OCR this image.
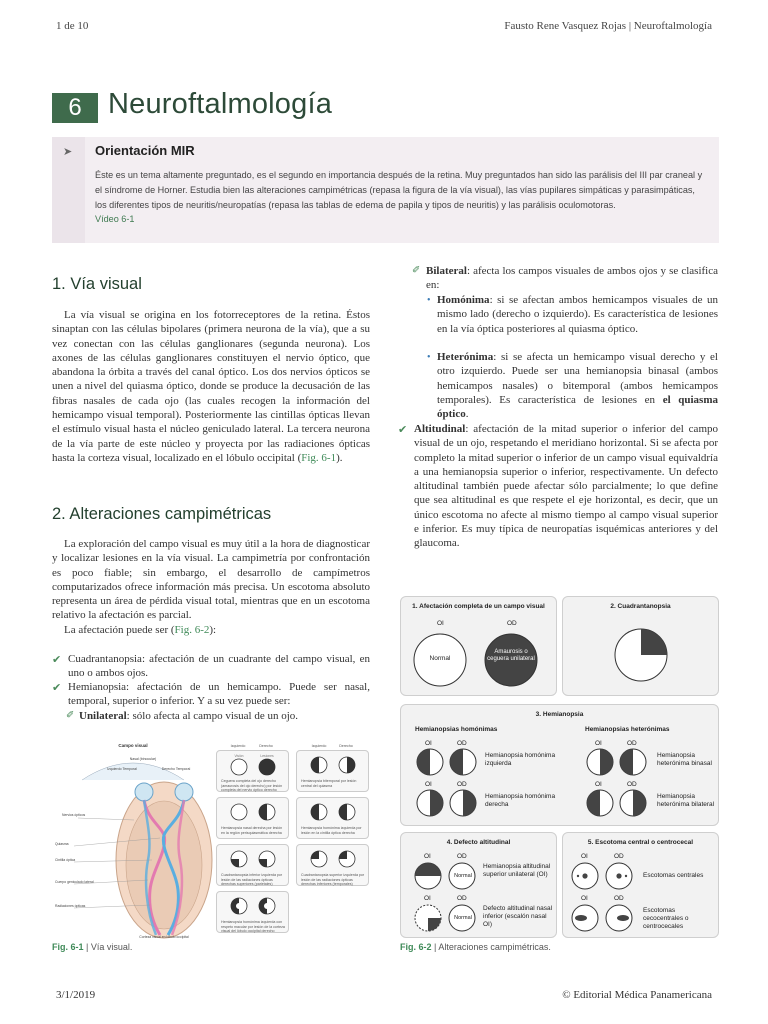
1 de 10	Fausto Rene Vasquez Rojas | Neuroftalmología
6 Neuroftalmología
➤ Orientación MIR
Éste es un tema altamente preguntado, es el segundo en importancia después de la retina. Muy preguntados han sido las parálisis del III par craneal y el síndrome de Horner. Estudia bien las alteraciones campimétricas (repasa la figura de la vía visual), las vías pupilares simpáticas y parasimpáticas, los diferentes tipos de neuritis/neuropatías (repasa las tablas de edema de papila y tipos de neuritis) y las parálisis oculomotoras.
Vídeo 6-1
1. Vía visual
La vía visual se origina en los fotorreceptores de la retina. Éstos sinaptan con las células bipolares (primera neurona de la vía), que a su vez conectan con las células ganglionares (segunda neurona). Los axones de las células ganglionares constituyen el nervio óptico, que abandona la órbita a través del canal óptico. Los dos nervios ópticos se unen a nivel del quiasma óptico, donde se produce la decusación de las fibras nasales de cada ojo (las cuales recogen la información del hemicampo visual temporal). Posteriormente las cintillas ópticas llevan el estímulo visual hasta el núcleo geniculado lateral. La tercera neurona de la vía parte de este núcleo y proyecta por las radiaciones ópticas hasta la corteza visual, localizado en el lóbulo occipital (Fig. 6-1).
2. Alteraciones campimétricas
La exploración del campo visual es muy útil a la hora de diagnosticar y localizar lesiones en la vía visual. La campimetría por confrontación es poco fiable; sin embargo, el desarrollo de campímetros computarizados ofrece información más precisa. Un escotoma absoluto representa un área de pérdida visual total, mientras que en un escotoma relativo la afectación es parcial.
La afectación puede ser (Fig. 6-2):
✔ Cuadrantanopsia: afectación de un cuadrante del campo visual, en uno o ambos ojos.
✔ Hemianopsia: afectación de un hemicampo. Puede ser nasal, temporal, superior o inferior. Y a su vez puede ser:
✐ Unilateral: sólo afecta al campo visual de un ojo.
✐ Bilateral: afecta los campos visuales de ambos ojos y se clasifica en:
• Homónima: si se afectan ambos hemicampos visuales de un mismo lado (derecho o izquierdo). Es característica de lesiones en la vía óptica posteriores al quiasma óptico.
• Heterónima: si se afecta un hemicampo visual derecho y el otro izquierdo. Puede ser una hemianopsia binasal (ambos hemicampos nasales) o bitemporal (ambos hemicampos temporales). Es característica de lesiones en el quiasma óptico.
✔ Altitudinal: afectación de la mitad superior o inferior del campo visual de un ojo, respetando el meridiano horizontal. Si se afecta por completo la mitad superior o inferior de un campo visual equivaldría a una hemianopsia superior o inferior, respectivamente. Un defecto altitudinal también puede afectar sólo parcialmente; lo que define que sea altitudinal es que respete el eje horizontal, es decir, que un único escotoma no afecte al mismo tiempo al campo visual superior e inferior. Es muy típica de neuropatías isquémicas anteriores y del glaucoma.
Campo visual
Nasal (binocular)
Izquierdo Temporal	Derecho Temporal
Nervios ópticos
Quiasma
Cintilla óptica
Cuerpo geniculado lateral
Radiaciones ópticas
Corteza visual en lóbulo occipital
Izquierdo	Derecho	Izquierdo	Derecho
Visión	Lesiones
Ceguera completa del ojo derecho (amaurosis del ojo derecho) por lesión completa del nervio óptico derecho
Hemianopsia bitemporal por lesión central del quiasma
Hemianopsia nasal derecha por lesión en la región perisquiasmática derecha
Hemianopsia homónima izquierda por lesión en la cintilla óptica derecha
Cuadrantanopsia inferior izquierda por lesión de las radiaciones ópticas derechas superiores (parietales)
Cuadrantanopsia superior izquierda por lesión de las radiaciones ópticas derechas inferiores (temporales)
Hemianopsia homónima izquierda con respeto macular por lesión de la corteza visual del lóbulo occipital derecho
Fig. 6-1 | Vía visual.
1. Afectación completa de un campo visual
OI	OD
Normal
Amaurosis o ceguera unilateral
2. Cuadrantanopsia
3. Hemianopsia
Hemianopsias homónimas	Hemianopsias heterónimas
OI	OD	OI	OD
OI	OD	OI	OD
Hemianopsia homónima izquierda
Hemianopsia homónima derecha
Hemianopsia heterónima binasal
Hemianopsia heterónima bilateral
4. Defecto altitudinal
OI	OD
OI	OD
Normal
Normal
Hemianopsia altitudinal superior unilateral (OI)
Defecto altitudinal nasal inferior (escalón nasal OI)
5. Escotoma central o centrocecal
OI	OD
OI	OD
Escotomas centrales
Escotomas cecocentrales o centrocecales
Fig. 6-2 | Alteraciones campimétricas.
3/1/2019	© Editorial Médica Panamericana
